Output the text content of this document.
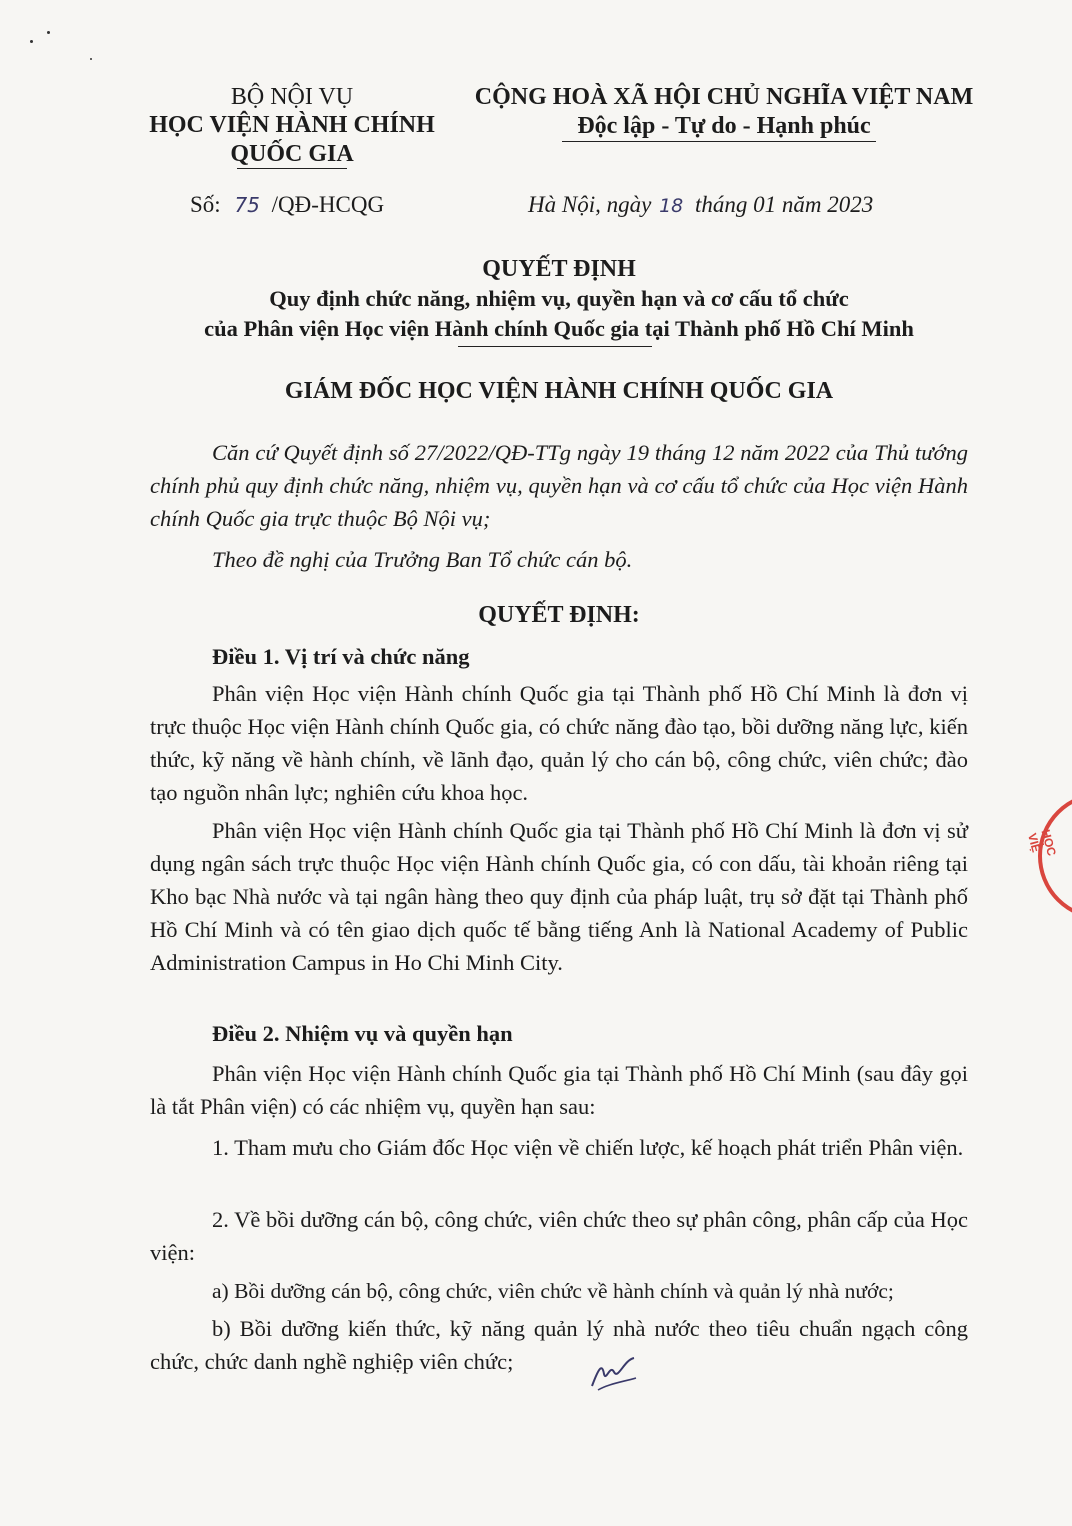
BỘ NỘI VỤ
HỌC VIỆN HÀNH CHÍNH
QUỐC GIA
CỘNG HOÀ XÃ HỘI CHỦ NGHĨA VIỆT NAM
Độc lập - Tự do - Hạnh phúc
Số: 75 /QĐ-HCQG	Hà Nội, ngày 18 tháng 01 năm 2023
QUYẾT ĐỊNH
Quy định chức năng, nhiệm vụ, quyền hạn và cơ cấu tổ chức
của Phân viện Học viện Hành chính Quốc gia tại Thành phố Hồ Chí Minh
GIÁM ĐỐC HỌC VIỆN HÀNH CHÍNH QUỐC GIA
Căn cứ Quyết định số 27/2022/QĐ-TTg ngày 19 tháng 12 năm 2022 của Thủ tướng chính phủ quy định chức năng, nhiệm vụ, quyền hạn và cơ cấu tổ chức của Học viện Hành chính Quốc gia trực thuộc Bộ Nội vụ;
Theo đề nghị của Trưởng Ban Tổ chức cán bộ.
QUYẾT ĐỊNH:
Điều 1. Vị trí và chức năng
Phân viện Học viện Hành chính Quốc gia tại Thành phố Hồ Chí Minh là đơn vị trực thuộc Học viện Hành chính Quốc gia, có chức năng đào tạo, bồi dưỡng năng lực, kiến thức, kỹ năng về hành chính, về lãnh đạo, quản lý cho cán bộ, công chức, viên chức; đào tạo nguồn nhân lực; nghiên cứu khoa học.
Phân viện Học viện Hành chính Quốc gia tại Thành phố Hồ Chí Minh là đơn vị sử dụng ngân sách trực thuộc Học viện Hành chính Quốc gia, có con dấu, tài khoản riêng tại Kho bạc Nhà nước và tại ngân hàng theo quy định của pháp luật, trụ sở đặt tại Thành phố Hồ Chí Minh và có tên giao dịch quốc tế bằng tiếng Anh là National Academy of Public Administration Campus in Ho Chi Minh City.
Điều 2. Nhiệm vụ và quyền hạn
Phân viện Học viện Hành chính Quốc gia tại Thành phố Hồ Chí Minh (sau đây gọi là tắt Phân viện) có các nhiệm vụ, quyền hạn sau:
1. Tham mưu cho Giám đốc Học viện về chiến lược, kế hoạch phát triển Phân viện.
2. Về bồi dưỡng cán bộ, công chức, viên chức theo sự phân công, phân cấp của Học viện:
a) Bồi dưỡng cán bộ, công chức, viên chức về hành chính và quản lý nhà nước;
b) Bồi dưỡng kiến thức, kỹ năng quản lý nhà nước theo tiêu chuẩn ngạch công chức, chức danh nghề nghiệp viên chức;
HỌC VIỆ
